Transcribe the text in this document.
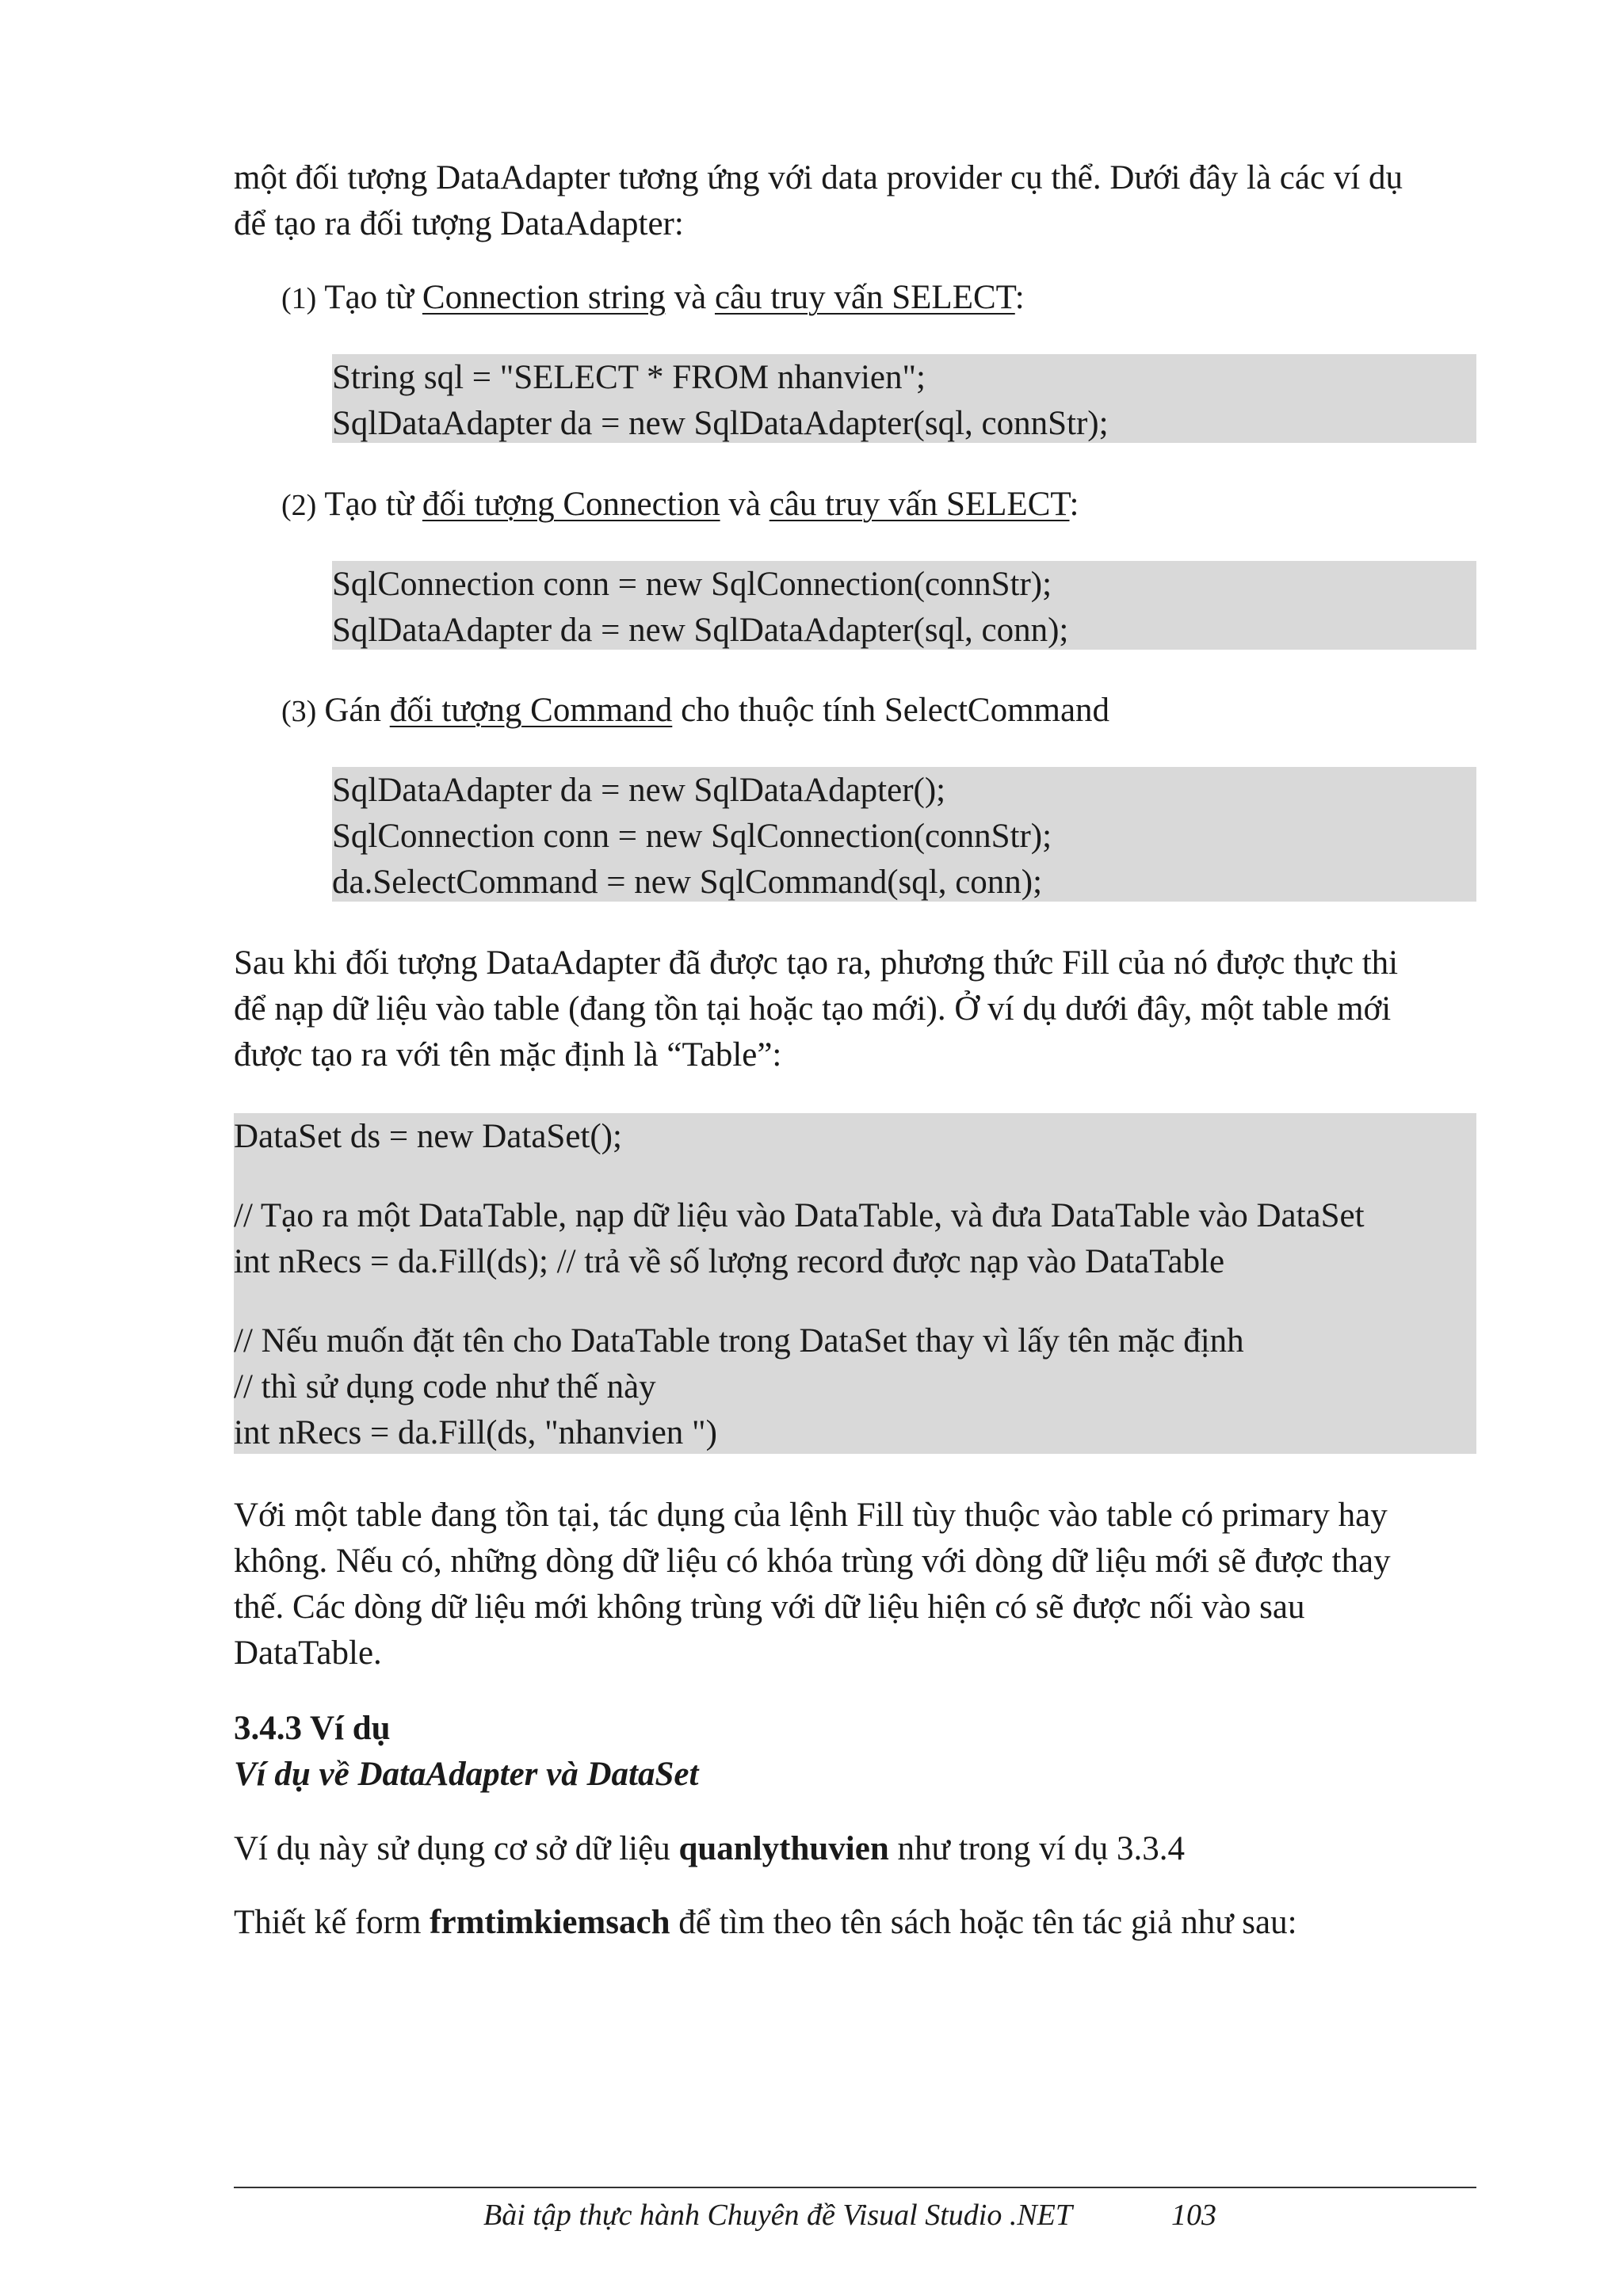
một đối tượng DataAdapter tương ứng với data provider cụ thể. Dưới đây là các ví dụ
để tạo ra đối tượng DataAdapter:

(1) Tạo từ Connection string và câu truy vấn SELECT:

String sql = "SELECT * FROM nhanvien";
SqlDataAdapter da = new SqlDataAdapter(sql, connStr);

(2) Tạo từ đối tượng Connection và câu truy vấn SELECT:

SqlConnection conn = new SqlConnection(connStr);
SqlDataAdapter da = new SqlDataAdapter(sql, conn);

(3) Gán đối tượng Command cho thuộc tính SelectCommand

SqlDataAdapter da = new SqlDataAdapter();
SqlConnection conn = new SqlConnection(connStr);
da.SelectCommand = new SqlCommand(sql, conn);

Sau khi đối tượng DataAdapter đã được tạo ra, phương thức Fill của nó được thực thi
để nạp dữ liệu vào table (đang tồn tại hoặc tạo mới). Ở ví dụ dưới đây, một table mới
được tạo ra với tên mặc định là “Table”:

DataSet ds = new DataSet();
// Tạo ra một DataTable, nạp dữ liệu vào DataTable, và đưa DataTable vào DataSet
int nRecs = da.Fill(ds); // trả về số lượng record được nạp vào DataTable
// Nếu muốn đặt tên cho DataTable trong DataSet thay vì lấy tên mặc định
// thì sử dụng code như thế này
int nRecs = da.Fill(ds, "nhanvien ")

Với một table đang tồn tại, tác dụng của lệnh Fill tùy thuộc vào table có primary hay
không. Nếu có, những dòng dữ liệu có khóa trùng với dòng dữ liệu mới sẽ được thay
thế. Các dòng dữ liệu mới không trùng với dữ liệu hiện có sẽ được nối vào sau
DataTable.

3.4.3 Ví dụ

Ví dụ về DataAdapter và DataSet

Ví dụ này sử dụng cơ sở dữ liệu quanlythuvien như trong ví dụ 3.3.4

Thiết kế form frmtimkiemsach để tìm theo tên sách hoặc tên tác giả như sau:

Bài tập thực hành Chuyên đề Visual Studio .NET	103
